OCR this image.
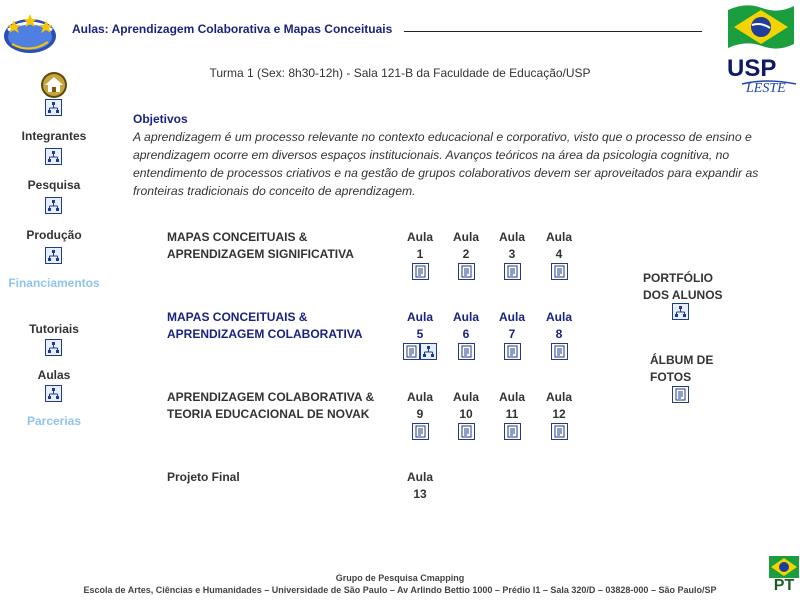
Aulas: Aprendizagem Colaborativa e Mapas Conceituais
USP
LESTE
Turma 1 (Sex: 8h30-12h) - Sala 121-B da Faculdade de Educação/USP
Integrantes
Pesquisa
Produção
Financiamentos
Tutoriais
Aulas
Parcerias
Objetivos
A aprendizagem é um processo relevante no contexto educacional e corporativo, visto que o processo de ensino e aprendizagem ocorre em diversos espaços institucionais. Avanços teóricos na área da psicologia cognitiva, no entendimento de processos criativos e na gestão de grupos colaborativos devem ser aproveitados para expandir as fronteiras tradicionais do conceito de aprendizagem.
MAPAS CONCEITUAIS &
APRENDIZAGEM SIGNIFICATIVA
Aula
1
Aula
2
Aula
3
Aula
4
MAPAS CONCEITUAIS &
APRENDIZAGEM COLABORATIVA
Aula
5
Aula
6
Aula
7
Aula
8
APRENDIZAGEM COLABORATIVA &
TEORIA EDUCACIONAL DE NOVAK
Aula
9
Aula
10
Aula
11
Aula
12
Projeto Final	Aula
13
PORTFÓLIO
DOS ALUNOS
ÁLBUM DE
FOTOS
Grupo de Pesquisa Cmapping
Escola de Artes, Ciências e Humanidades – Universidade de São Paulo – Av Arlindo Bettio 1000 – Prédio I1 – Sala 320/D – 03828-000 – São Paulo/SP	PT
